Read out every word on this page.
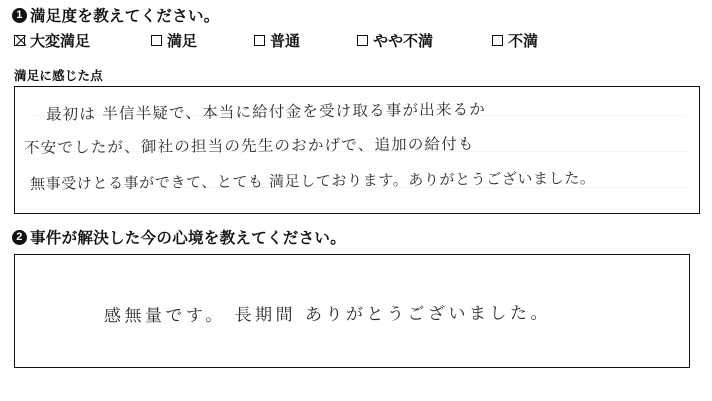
1 満足度を教えてください。
大変満足	満足	普通	やや不満	不満
満足に感じた点
最初は 半信半疑で、本当に給付金を受け取る事が出来るか
不安でしたが、御社の担当の先生のおかげで、追加の給付も
無事受けとる事ができて、とても 満足しております。ありがとうございました。
2 事件が解決した今の心境を教えてください。
感無量です。 長期間 ありがとうございました。
